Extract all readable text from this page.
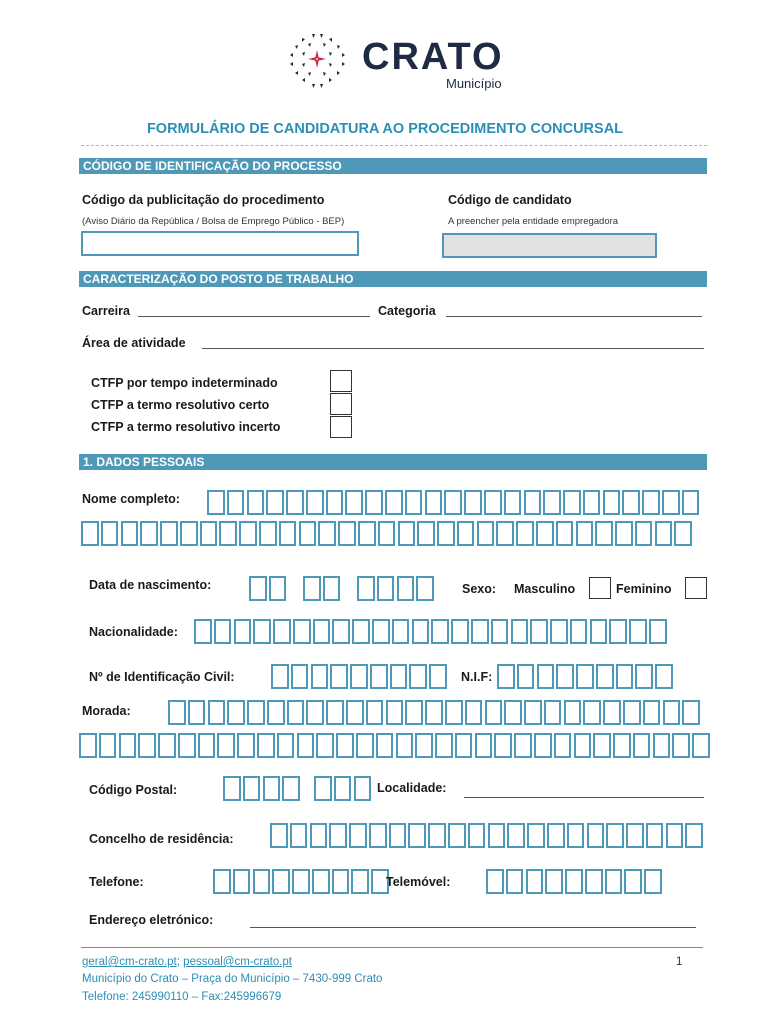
CRATO
Município
FORMULÁRIO DE CANDIDATURA AO PROCEDIMENTO CONCURSAL
CÓDIGO DE IDENTIFICAÇÃO DO PROCESSO
Código da publicitação do procedimento
(Aviso Diário da República / Bolsa de Emprego Público - BEP)
Código de candidato
A preencher pela entidade empregadora
CARACTERIZAÇÃO DO POSTO DE TRABALHO
Carreira	Categoria
Área de atividade
CTFP por tempo indeterminado
CTFP a termo resolutivo certo
CTFP a termo resolutivo incerto
1. DADOS PESSOAIS
Nome completo:
Data de nascimento:	Sexo: Masculino	Feminino
Nacionalidade:
Nº de Identificação Civil:	N.I.F:
Morada:
Código Postal:	Localidade:
Concelho de residência:
Telefone:	Telemóvel:
Endereço eletrónico:
geral@cm-crato.pt; pessoal@cm-crato.pt
Município do Crato – Praça do Município – 7430-999 Crato
Telefone: 245990110 – Fax:245996679
1
